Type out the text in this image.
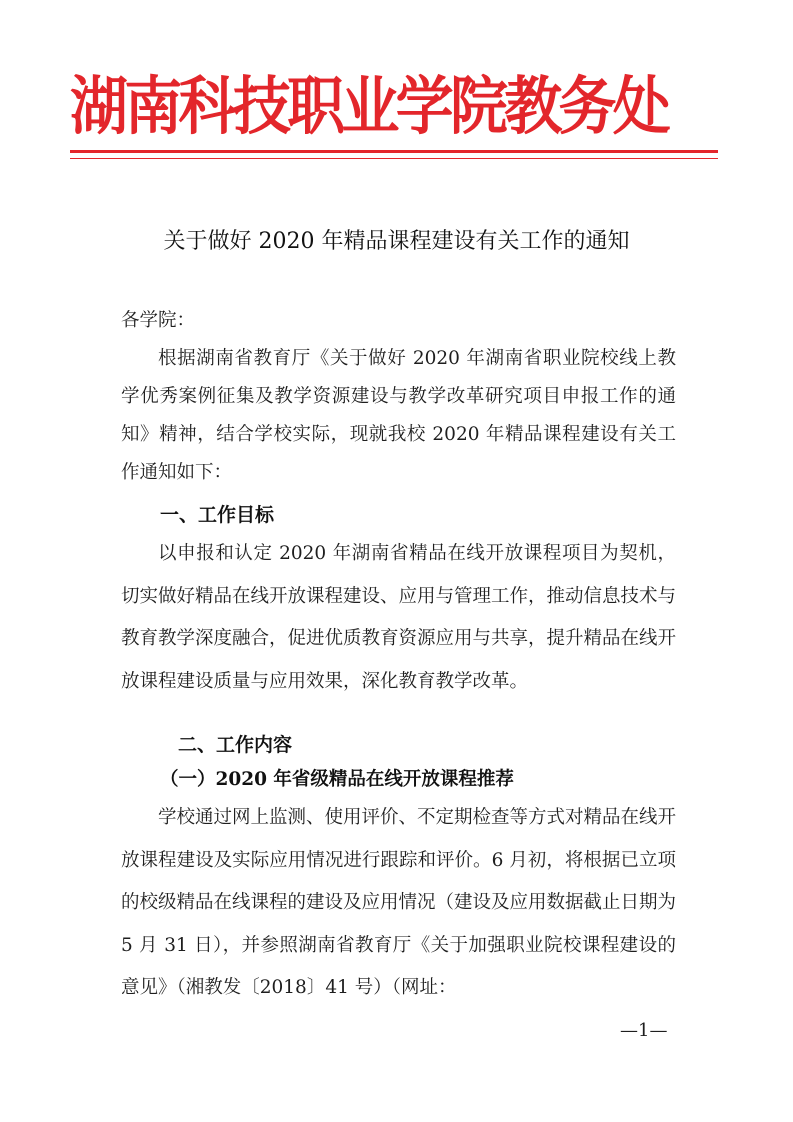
湖南科技职业学院教务处
关于做好 2020 年精品课程建设有关工作的通知

各学院：

根据湖南省教育厅《关于做好 2020 年湖南省职业院校线上教学优秀案例征集及教学资源建设与教学改革研究项目申报工作的通知》精神，结合学校实际，现就我校 2020 年精品课程建设有关工作通知如下：

一、工作目标

以申报和认定 2020 年湖南省精品在线开放课程项目为契机，切实做好精品在线开放课程建设、应用与管理工作，推动信息技术与教育教学深度融合，促进优质教育资源应用与共享，提升精品在线开放课程建设质量与应用效果，深化教育教学改革。

二、工作内容
（一）2020 年省级精品在线开放课程推荐

学校通过网上监测、使用评价、不定期检查等方式对精品在线开放课程建设及实际应用情况进行跟踪和评价。6 月初，将根据已立项的校级精品在线课程的建设及应用情况（建设及应用数据截止日期为 5 月 31 日），并参照湖南省教育厅《关于加强职业院校课程建设的意见》（湘教发〔2018〕41 号）（网址：

—1—
